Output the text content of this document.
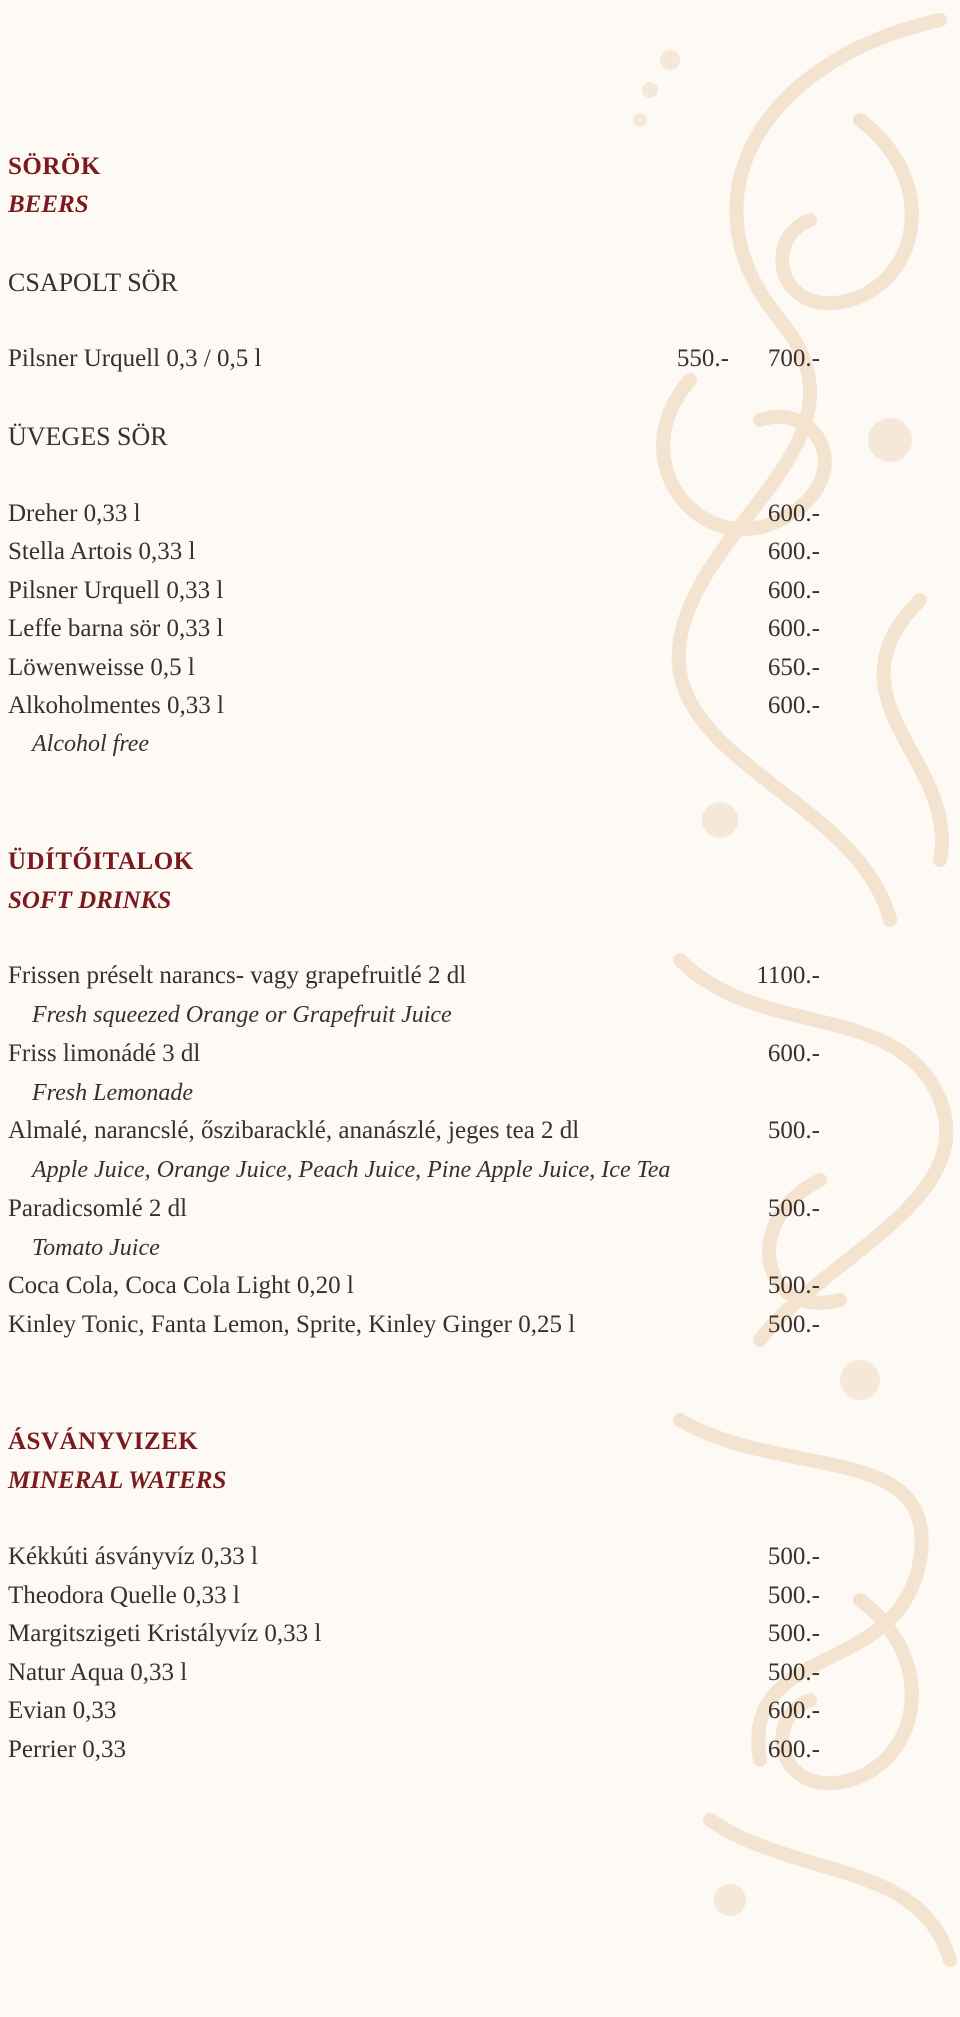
SÖRÖK
BEERS
CSAPOLT SÖR
Pilsner Urquell 0,3 / 0,5 l	550.- 700.-
ÜVEGES SÖR
Dreher 0,33 l	600.-
Stella Artois 0,33 l	600.-
Pilsner Urquell 0,33 l	600.-
Leffe barna sör 0,33 l	600.-
Löwenweisse 0,5 l	650.-
Alkoholmentes 0,33 l	600.-
Alcohol free
ÜDÍTŐITALOK
SOFT DRINKS
Frissen préselt narancs- vagy grapefruitlé 2 dl	1100.-
Fresh squeezed Orange or Grapefruit Juice
Friss limonádé 3 dl	600.-
Fresh Lemonade
Almalé, narancslé, őszibaracklé, ananászlé, jeges tea 2 dl	500.-
Apple Juice, Orange Juice, Peach Juice, Pine Apple Juice, Ice Tea
Paradicsomlé 2 dl	500.-
Tomato Juice
Coca Cola, Coca Cola Light 0,20 l	500.-
Kinley Tonic, Fanta Lemon, Sprite, Kinley Ginger 0,25 l	500.-
ÁSVÁNYVIZEK
MINERAL WATERS
Kékkúti ásványvíz 0,33 l	500.-
Theodora Quelle 0,33 l	500.-
Margitszigeti Kristályvíz 0,33 l	500.-
Natur Aqua 0,33 l	500.-
Evian 0,33	600.-
Perrier 0,33	600.-
